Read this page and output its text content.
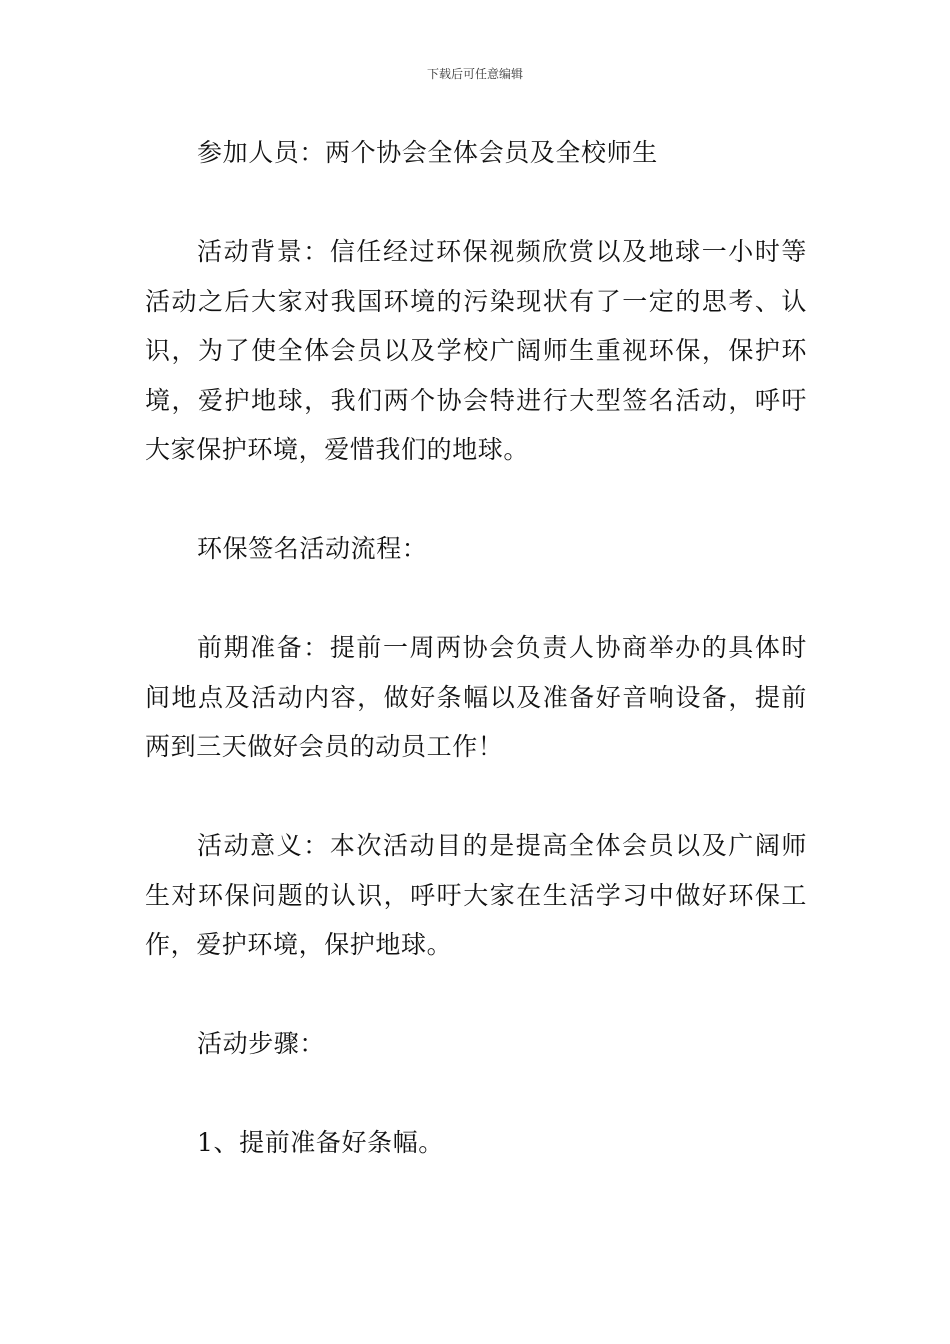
下载后可任意编辑

参加人员：两个协会全体会员及全校师生

活动背景：信任经过环保视频欣赏以及地球一小时等活动之后大家对我国环境的污染现状有了一定的思考、认识，为了使全体会员以及学校广阔师生重视环保，保护环境，爱护地球，我们两个协会特进行大型签名活动，呼吁大家保护环境，爱惜我们的地球。

环保签名活动流程：

前期准备：提前一周两协会负责人协商举办的具体时间地点及活动内容，做好条幅以及准备好音响设备，提前两到三天做好会员的动员工作！

活动意义：本次活动目的是提高全体会员以及广阔师生对环保问题的认识，呼吁大家在生活学习中做好环保工作，爱护环境，保护地球。

活动步骤：

1、提前准备好条幅。
